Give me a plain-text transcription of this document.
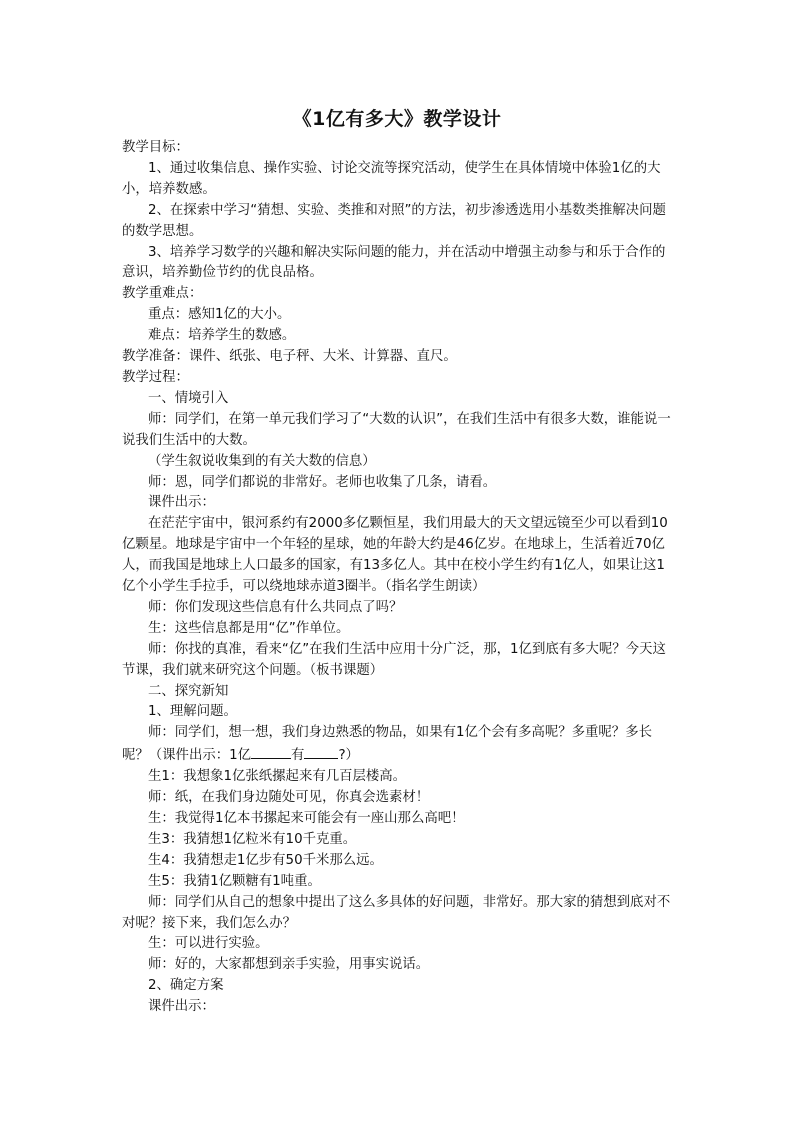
《1亿有多大》教学设计

教学目标：

1、通过收集信息、操作实验、讨论交流等探究活动，使学生在具体情境中体验1亿的大小，培养数感。

2、在探索中学习“猜想、实验、类推和对照”的方法，初步渗透选用小基数类推解决问题的数学思想。

3、培养学习数学的兴趣和解决实际问题的能力，并在活动中增强主动参与和乐于合作的意识，培养勤俭节约的优良品格。

教学重难点：

重点：感知1亿的大小。

难点：培养学生的数感。

教学准备：课件、纸张、电子秤、大米、计算器、直尺。

教学过程：

一、情境引入

师：同学们，在第一单元我们学习了“大数的认识”，在我们生活中有很多大数，谁能说一说我们生活中的大数。

（学生叙说收集到的有关大数的信息）

师：恩，同学们都说的非常好。老师也收集了几条，请看。

课件出示：

在茫茫宇宙中，银河系约有2000多亿颗恒星，我们用最大的天文望远镜至少可以看到10亿颗星。地球是宇宙中一个年轻的星球，她的年龄大约是46亿岁。在地球上，生活着近70亿人，而我国是地球上人口最多的国家，有13多亿人。其中在校小学生约有1亿人，如果让这1亿个小学生手拉手，可以绕地球赤道3圈半。（指名学生朗读）

师：你们发现这些信息有什么共同点了吗？

生：这些信息都是用“亿”作单位。

师：你找的真准，看来“亿”在我们生活中应用十分广泛，那，1亿到底有多大呢？今天这节课，我们就来研究这个问题。（板书课题）

二、探究新知

1、理解问题。

师：同学们，想一想，我们身边熟悉的物品，如果有1亿个会有多高呢？多重呢？多长呢？（课件出示：1亿	有	?）

生1：我想象1亿张纸摞起来有几百层楼高。

师：纸，在我们身边随处可见，你真会选素材！

生：我觉得1亿本书摞起来可能会有一座山那么高吧！

生3：我猜想1亿粒米有10千克重。

生4：我猜想走1亿步有50千米那么远。

生5：我猜1亿颗糖有1吨重。

师：同学们从自己的想象中提出了这么多具体的好问题，非常好。那大家的猜想到底对不对呢？接下来，我们怎么办？

生：可以进行实验。

师：好的，大家都想到亲手实验，用事实说话。

2、确定方案

课件出示：
